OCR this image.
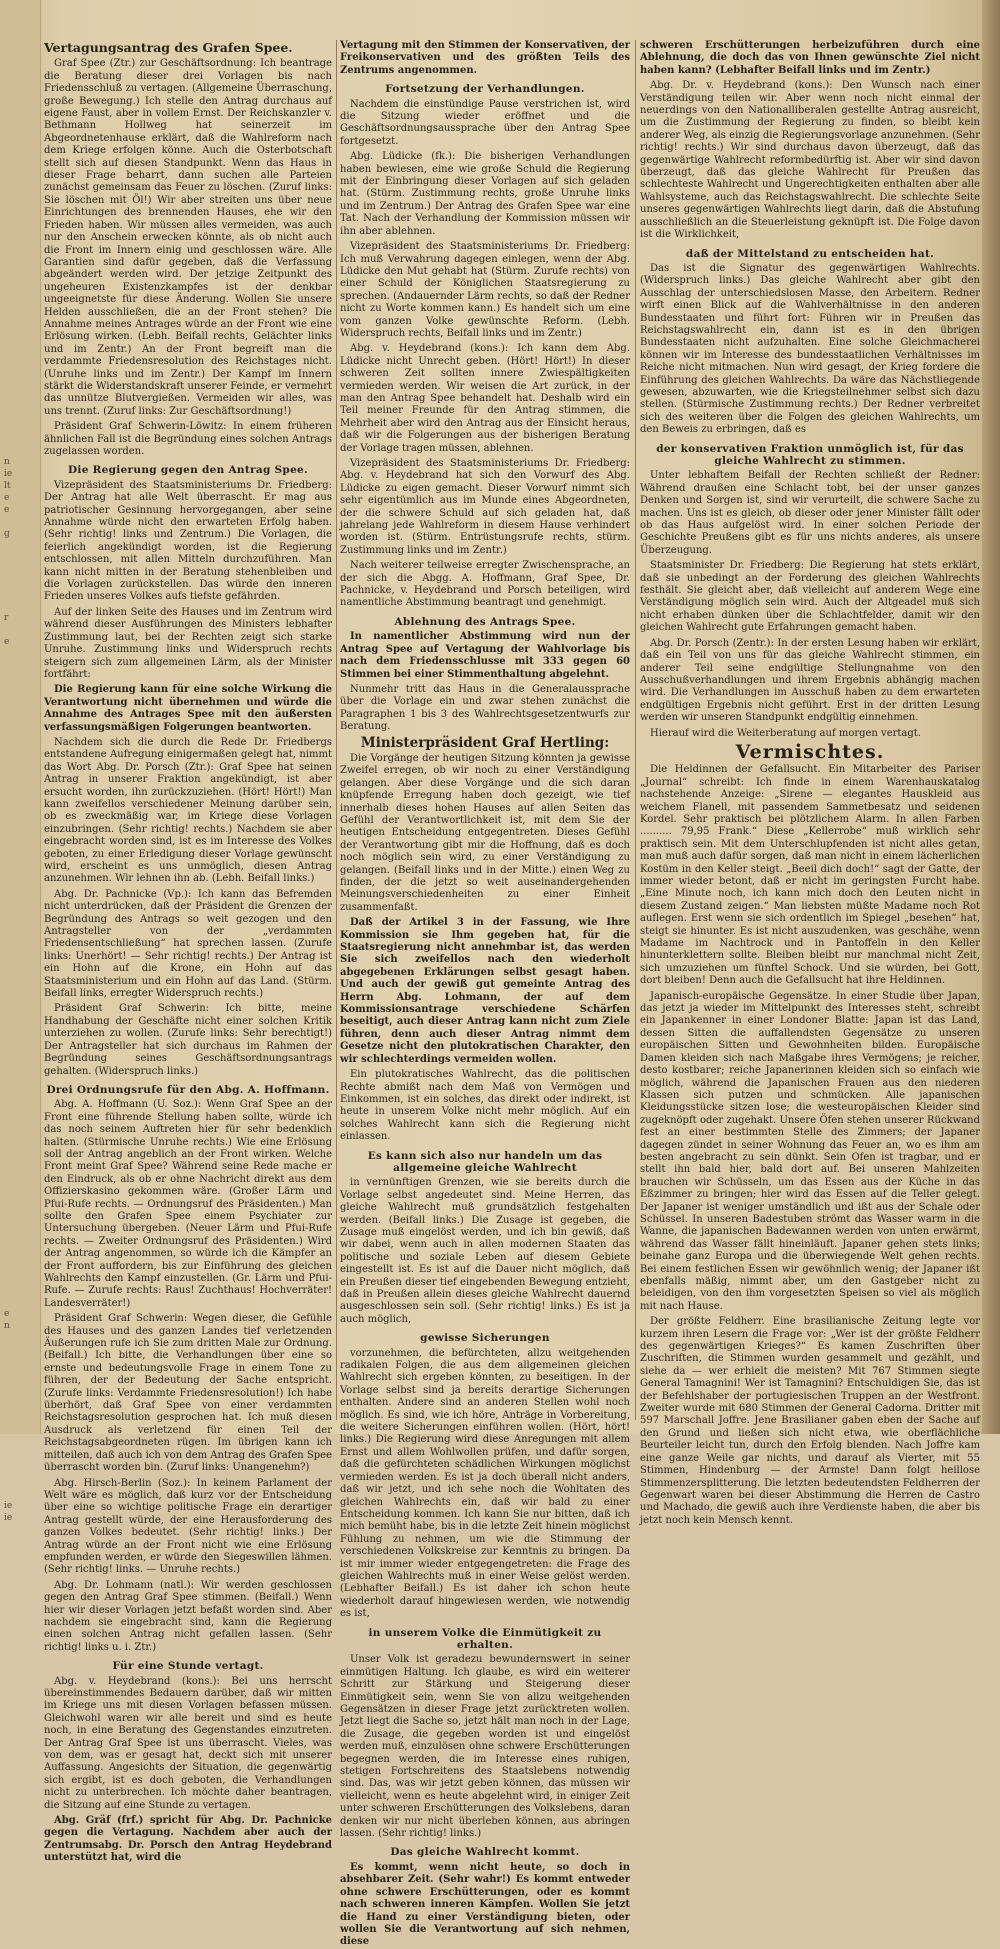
n
ie
lt
e
e

g

r

e

e
n

ie
ie

Vertagungsantrag des Grafen Spee.

Graf Spee (Ztr.) zur Geschäftsordnung: Ich beantrage die Beratung dieser drei Vorlagen bis nach Friedensschluß zu vertagen. (Allgemeine Überraschung, große Bewegung.) Ich stelle den Antrag durchaus auf eigene Faust, aber in vollem Ernst. Der Reichskanzler v. Bethmann Hollweg hat seinerzeit im Abgeordnetenhause erklärt, daß die Wahlreform nach dem Kriege erfolgen könne. Auch die Osterbotschaft stellt sich auf diesen Standpunkt. Wenn das Haus in dieser Frage beharrt, dann suchen alle Parteien zunächst gemeinsam das Feuer zu löschen. (Zuruf links: Sie löschen mit Öl!) Wir aber streiten uns über neue Einrichtungen des brennenden Hauses, ehe wir den Frieden haben. Wir müssen alles vermeiden, was auch nur den Anschein erwecken könnte, als ob nicht auch die Front im Innern einig und geschlossen wäre. Alle Garantien sind dafür gegeben, daß die Verfassung abgeändert werden wird. Der jetzige Zeitpunkt des ungeheuren Existenzkampfes ist der denkbar ungeeignetste für diese Änderung. Wollen Sie unsere Helden ausschließen, die an der Front stehen? Die Annahme meines Antrages würde an der Front wie eine Erlösung wirken. (Lebh. Beifall rechts, Gelächter links und im Zentr.) An der Front begreift man die verdammte Friedensresolution des Reichstages nicht. (Unruhe links und im Zentr.) Der Kampf im Innern stärkt die Widerstandskraft unserer Feinde, er vermehrt das unnütze Blutvergießen. Vermeiden wir alles, was uns trennt. (Zuruf links: Zur Geschäftsordnung!)

Präsident Graf Schwerin-Löwitz: In einem früheren ähnlichen Fall ist die Begründung eines solchen Antrags zugelassen worden.

Die Regierung gegen den Antrag Spee.

Vizepräsident des Staatsministeriums Dr. Friedberg: Der Antrag hat alle Welt überrascht. Er mag aus patriotischer Gesinnung hervorgegangen, aber seine Annahme würde nicht den erwarteten Erfolg haben. (Sehr richtig! links und Zentrum.) Die Vorlagen, die feierlich angekündigt worden, ist die Regierung entschlossen, mit allen Mitteln durchzuführen. Man kann nicht mitten in der Beratung stehenbleiben und die Vorlagen zurückstellen. Das würde den inneren Frieden unseres Volkes aufs tiefste gefährden.

Auf der linken Seite des Hauses und im Zentrum wird während dieser Ausführungen des Ministers lebhafter Zustimmung laut, bei der Rechten zeigt sich starke Unruhe. Zustimmung links und Widerspruch rechts steigern sich zum allgemeinen Lärm, als der Minister fortfährt:

Die Regierung kann für eine solche Wirkung die Verantwortung nicht übernehmen und würde die Annahme des Antrages Spee mit den äußersten verfassungsmäßigen Folgerungen beantworten.

Nachdem sich die durch die Rede Dr. Friedbergs entstandene Aufregung einigermaßen gelegt hat, nimmt das Wort Abg. Dr. Porsch (Ztr.): Graf Spee hat seinen Antrag in unserer Fraktion angekündigt, ist aber ersucht worden, ihn zurückzuziehen. (Hört! Hört!) Man kann zweifellos verschiedener Meinung darüber sein, ob es zweckmäßig war, im Kriege diese Vorlagen einzubringen. (Sehr richtig! rechts.) Nachdem sie aber eingebracht worden sind, ist es im Interesse des Volkes geboten, zu einer Erledigung dieser Vorlage gewünscht wird, erscheint es uns unmöglich, diesen Antrag anzunehmen. Wir lehnen ihn ab. (Lebh. Beifall links.)

Abg. Dr. Pachnicke (Vp.): Ich kann das Befremden nicht unterdrücken, daß der Präsident die Grenzen der Begründung des Antrags so weit gezogen und den Antragsteller von der „verdammten Friedensentschließung“ hat sprechen lassen. (Zurufe links: Unerhört! — Sehr richtig! rechts.) Der Antrag ist ein Hohn auf die Krone, ein Hohn auf das Staatsministerium und ein Hohn auf das Land. (Stürm. Beifall links, erregter Widerspruch rechts.)

Präsident Graf Schwerin: Ich bitte, meine Handhabung der Geschäfte nicht einer solchen Kritik unterziehen zu wollen. (Zurufe links: Sehr berechtigt!) Der Antragsteller hat sich durchaus im Rahmen der Begründung seines Geschäftsordnungsantrags gehalten. (Widerspruch links.)

Drei Ordnungsrufe für den Abg. A. Hoffmann.

Abg. A. Hoffmann (U. Soz.): Wenn Graf Spee an der Front eine führende Stellung haben sollte, würde ich das noch seinem Auftreten hier für sehr bedenklich halten. (Stürmische Unruhe rechts.) Wie eine Erlösung soll der Antrag angeblich an der Front wirken. Welche Front meint Graf Spee? Während seine Rede mache er den Eindruck, als ob er ohne Nachricht direkt aus dem Offizierskasino gekommen wäre. (Großer Lärm und Pfui-Rufe rechts. — Ordnungsruf des Präsidenten.) Man sollte den Grafen Spee einem Psychiater zur Untersuchung übergeben. (Neuer Lärm und Pfui-Rufe rechts. — Zweiter Ordnungsruf des Präsidenten.) Wird der Antrag angenommen, so würde ich die Kämpfer an der Front auffordern, bis zur Einführung des gleichen Wahlrechts den Kampf einzustellen. (Gr. Lärm und Pfui-Rufe. — Zurufe rechts: Raus! Zuchthaus! Hochverräter! Landesverräter!)

Präsident Graf Schwerin: Wegen dieser, die Gefühle des Hauses und des ganzen Landes tief verletzenden Äußerungen rufe ich Sie zum dritten Male zur Ordnung. (Beifall.) Ich bitte, die Verhandlungen über eine so ernste und bedeutungsvolle Frage in einem Tone zu führen, der der Bedeutung der Sache entspricht. (Zurufe links: Verdammte Friedensresolution!) Ich habe überhört, daß Graf Spee von einer verdammten Reichstagsresolution gesprochen hat. Ich muß diesen Ausdruck als verletzend für einen Teil der Reichstagsabgeordneten rügen. Im übrigen kann ich mitteilen, daß auch ich von dem Antrag des Grafen Spee überrascht worden bin. (Zuruf links: Unangenehm?)

Abg. Hirsch-Berlin (Soz.): In keinem Parlament der Welt wäre es möglich, daß kurz vor der Entscheidung über eine so wichtige politische Frage ein derartiger Antrag gestellt würde, der eine Herausforderung des ganzen Volkes bedeutet. (Sehr richtig! links.) Der Antrag würde an der Front nicht wie eine Erlösung empfunden werden, er würde den Siegeswillen lähmen. (Sehr richtig! links. — Unruhe rechts.)

Abg. Dr. Lohmann (natl.): Wir werden geschlossen gegen den Antrag Graf Spee stimmen. (Beifall.) Wenn hier wir dieser Vorlagen jetzt befaßt worden sind. Aber nachdem sie eingebracht sind, kann die Regierung einen solchen Antrag nicht gefallen lassen. (Sehr richtig! links u. i. Ztr.)

Für eine Stunde vertagt.

Abg. v. Heydebrand (kons.): Bei uns herrscht übereinstimmendes Bedauern darüber, daß wir mitten im Kriege uns mit diesen Vorlagen befassen müssen. Gleichwohl waren wir alle bereit und sind es heute noch, in eine Beratung des Gegenstandes einzutreten. Der Antrag Graf Spee ist uns überrascht. Vieles, was von dem, was er gesagt hat, deckt sich mit unserer Auffassung. Angesichts der Situation, die gegenwärtig sich ergibt, ist es doch geboten, die Verhandlungen nicht zu unterbrechen. Ich möchte daher beantragen, die Sitzung auf eine Stunde zu vertagen.

Abg. Gräf (frf.) spricht für Abg. Dr. Pachnicke gegen die Vertagung. Nachdem aber auch der Zentrumsabg. Dr. Porsch den Antrag Heydebrand unterstützt hat, wird die

Vertagung mit den Stimmen der Konservativen, der Freikonservativen und des größten Teils des Zentrums angenommen.

Fortsetzung der Verhandlungen.

Nachdem die einstündige Pause verstrichen ist, wird die Sitzung wieder eröffnet und die Geschäftsordnungsaussprache über den Antrag Spee fortgesetzt.

Abg. Lüdicke (fk.): Die bisherigen Verhandlungen haben bewiesen, eine wie große Schuld die Regierung mit der Einbringung dieser Vorlagen auf sich geladen hat. (Stürm. Zustimmung rechts, große Unruhe links und im Zentrum.) Der Antrag des Grafen Spee war eine Tat. Nach der Verhandlung der Kommission müssen wir ihn aber ablehnen.

Vizepräsident des Staatsministeriums Dr. Friedberg: Ich muß Verwahrung dagegen einlegen, wenn der Abg. Lüdicke den Mut gehabt hat (Stürm. Zurufe rechts) von einer Schuld der Königlichen Staatsregierung zu sprechen. (Andauernder Lärm rechts, so daß der Redner nicht zu Worte kommen kann.) Es handelt sich um eine vom ganzen Volke gewünschte Reform. (Lebh. Widerspruch rechts, Beifall links und im Zentr.)

Abg. v. Heydebrand (kons.): Ich kann dem Abg. Lüdicke nicht Unrecht geben. (Hört! Hört!) In dieser schweren Zeit sollten innere Zwiespältigkeiten vermieden werden. Wir weisen die Art zurück, in der man den Antrag Spee behandelt hat. Deshalb wird ein Teil meiner Freunde für den Antrag stimmen, die Mehrheit aber wird den Antrag aus der Einsicht heraus, daß wir die Folgerungen aus der bisherigen Beratung der Vorlage tragen müssen, ablehnen.

Vizepräsident des Staatsministeriums Dr. Friedberg: Abg. v. Heydebrand hat sich den Vorwurf des Abg. Lüdicke zu eigen gemacht. Dieser Vorwurf nimmt sich sehr eigentümlich aus im Munde eines Abgeordneten, der die schwere Schuld auf sich geladen hat, daß jahrelang jede Wahlreform in diesem Hause verhindert worden ist. (Stürm. Entrüstungsrufe rechts, stürm. Zustimmung links und im Zentr.)

Nach weiterer teilweise erregter Zwischensprache, an der sich die Abgg. A. Hoffmann, Graf Spee, Dr. Pachnicke, v. Heydebrand und Porsch beteiligen, wird namentliche Abstimmung beantragt und genehmigt.

Ablehnung des Antrags Spee.

In namentlicher Abstimmung wird nun der Antrag Spee auf Vertagung der Wahlvorlage bis nach dem Friedensschlusse mit 333 gegen 60 Stimmen bei einer Stimmenthaltung abgelehnt.

Nunmehr tritt das Haus in die Generalaussprache über die Vorlage ein und zwar stehen zunächst die Paragraphen 1 bis 3 des Wahlrechtsgesetzentwurfs zur Beratung.

Ministerpräsident Graf Hertling:

Die Vorgänge der heutigen Sitzung könnten ja gewisse Zweifel erregen, ob wir noch zu einer Verständigung gelangen. Aber diese Vorgänge und die sich daran knüpfende Erregung haben doch gezeigt, wie tief innerhalb dieses hohen Hauses auf allen Seiten das Gefühl der Verantwortlichkeit ist, mit dem Sie der heutigen Entscheidung entgegentreten. Dieses Gefühl der Verantwortung gibt mir die Hoffnung, daß es doch noch möglich sein wird, zu einer Verständigung zu gelangen. (Beifall links und in der Mitte.) einen Weg zu finden, der die jetzt so weit auseinandergehenden Meinungsverschiedenheiten zu einer Einheit zusammenfaßt.

Daß der Artikel 3 in der Fassung, wie Ihre Kommission sie Ihm gegeben hat, für die Staatsregierung nicht annehmbar ist, das werden Sie sich zweifellos nach den wiederholt abgegebenen Erklärungen selbst gesagt haben. Und auch der gewiß gut gemeinte Antrag des Herrn Abg. Lohmann, der auf dem Kommissionsantrage verschiedene Schärfen beseitigt, auch dieser Antrag kann nicht zum Ziele führen, denn auch dieser Antrag nimmt dem Gesetze nicht den plutokratischen Charakter, den wir schlechterdings vermeiden wollen.

Ein plutokratisches Wahlrecht, das die politischen Rechte abmißt nach dem Maß von Vermögen und Einkommen, ist ein solches, das direkt oder indirekt, ist heute in unserem Volke nicht mehr möglich. Auf ein solches Wahlrecht kann sich die Regierung nicht einlassen.

Es kann sich also nur handeln um das allgemeine gleiche Wahlrecht

in vernünftigen Grenzen, wie sie bereits durch die Vorlage selbst angedeutet sind. Meine Herren, das gleiche Wahlrecht muß grundsätzlich festgehalten werden. (Beifall links.) Die Zusage ist gegeben, die Zusage muß eingelöst werden, und ich bin gewiß, daß wir dabei, wenn auch in allen modernen Staaten das politische und soziale Leben auf diesem Gebiete eingestellt ist. Es ist auf die Dauer nicht möglich, daß ein Preußen dieser tief eingebenden Bewegung entzieht, daß in Preußen allein dieses gleiche Wahlrecht dauernd ausgeschlossen sein soll. (Sehr richtig! links.) Es ist ja auch möglich,

gewisse Sicherungen

vorzunehmen, die befürchteten, allzu weitgehenden radikalen Folgen, die aus dem allgemeinen gleichen Wahlrecht sich ergeben könnten, zu beseitigen. In der Vorlage selbst sind ja bereits derartige Sicherungen enthalten. Andere sind an anderen Stellen wohl noch möglich. Es sind, wie ich höre, Anträge in Vorbereitung, die weitere Sicherungen einführen wollen. (Hört, hört! links.) Die Regierung wird diese Anregungen mit allem Ernst und allem Wohlwollen prüfen, und dafür sorgen, daß die gefürchteten schädlichen Wirkungen möglichst vermieden werden. Es ist ja doch überall nicht anders, daß wir jetzt, und ich sehe noch die Wohltaten des gleichen Wahlrechts ein, daß wir bald zu einer Entscheidung kommen. Ich kann Sie nur bitten, daß ich mich bemüht habe, bis in die letzte Zeit hinein möglichst Fühlung zu nehmen, um wie die Stimmung der verschiedenen Volkskreise zur Kenntnis zu bringen. Da ist mir immer wieder entgegengetreten: die Frage des gleichen Wahlrechts muß in einer Weise gelöst werden. (Lebhafter Beifall.) Es ist daher ich schon heute wiederholt darauf hingewiesen werden, wie notwendig es ist,

in unserem Volke die Einmütigkeit zu erhalten.

Unser Volk ist geradezu bewundernswert in seiner einmütigen Haltung. Ich glaube, es wird ein weiterer Schritt zur Stärkung und Steigerung dieser Einmütigkeit sein, wenn Sie von allzu weitgehenden Gegensätzen in dieser Frage jetzt zurücktreten wollen. Jetzt liegt die Sache so, jetzt hält man noch in der Lage, die Zusage, die gegeben worden ist und eingelöst werden muß, einzulösen ohne schwere Erschütterungen begegnen werden, die im Interesse eines ruhigen, stetigen Fortschreitens des Staatslebens notwendig sind. Das, was wir jetzt geben können, das müssen wir vielleicht, wenn es heute abgelehnt wird, in einiger Zeit unter schweren Erschütterungen des Volkslebens, daran denken wir nur nicht überleben können, aus abringen lassen. (Sehr richtig! links.)

Das gleiche Wahlrecht kommt.

Es kommt, wenn nicht heute, so doch in absehbarer Zeit. (Sehr wahr!) Es kommt entweder ohne schwere Erschütterungen, oder es kommt nach schweren inneren Kämpfen. Wollen Sie jetzt die Hand zu einer Verständigung bieten, oder wollen Sie die Verantwortung auf sich nehmen, diese

schweren Erschütterungen herbeizuführen durch eine Ablehnung, die doch das von Ihnen gewünschte Ziel nicht haben kann? (Lebhafter Beifall links und im Zentr.)

Abg. Dr. v. Heydebrand (kons.): Den Wunsch nach einer Verständigung teilen wir. Aber wenn noch nicht einmal der neuerdings von den Nationalliberalen gestellte Antrag ausreicht, um die Zustimmung der Regierung zu finden, so bleibt kein anderer Weg, als einzig die Regierungsvorlage anzunehmen. (Sehr richtig! rechts.) Wir sind durchaus davon überzeugt, daß das gegenwärtige Wahlrecht reformbedürftig ist. Aber wir sind davon überzeugt, daß das gleiche Wahlrecht für Preußen das schlechteste Wahlrecht und Ungerechtigkeiten enthalten aber alle Wahlsysteme, auch das Reichstagswahlrecht. Die schlechte Seite unseres gegenwärtigen Wahlrechts liegt darin, daß die Abstufung ausschließlich an die Steuerleistung geknüpft ist. Die Folge davon ist die Wirklichkeit,

daß der Mittelstand zu entscheiden hat.

Das ist die Signatur des gegenwärtigen Wahlrechts. (Widerspruch links.) Das gleiche Wahlrecht aber gibt den Ausschlag der unterschiedslosen Masse, den Arbeitern. Redner wirft einen Blick auf die Wahlverhältnisse in den anderen Bundesstaaten und führt fort: Führen wir in Preußen das Reichstagswahlrecht ein, dann ist es in den übrigen Bundesstaaten nicht aufzuhalten. Eine solche Gleichmacherei können wir im Interesse des bundesstaatlichen Verhältnisses im Reiche nicht mitmachen. Nun wird gesagt, der Krieg fordere die Einführung des gleichen Wahlrechts. Da wäre das Nächstliegende gewesen, abzuwarten, wie die Kriegsteilnehmer selbst sich dazu stellen. (Stürmische Zustimmung rechts.) Der Redner verbreitet sich des weiteren über die Folgen des gleichen Wahlrechts, um den Beweis zu erbringen, daß es

der konservativen Fraktion unmöglich ist, für das gleiche Wahlrecht zu stimmen.

Unter lebhaftem Beifall der Rechten schließt der Redner: Während draußen eine Schlacht tobt, bei der unser ganzes Denken und Sorgen ist, sind wir verurteilt, die schwere Sache zu machen. Uns ist es gleich, ob dieser oder jener Minister fällt oder ob das Haus aufgelöst wird. In einer solchen Periode der Geschichte Preußens gibt es für uns nichts anderes, als unsere Überzeugung.

Staatsminister Dr. Friedberg: Die Regierung hat stets erklärt, daß sie unbedingt an der Forderung des gleichen Wahlrechts festhält. Sie gleicht aber, daß vielleicht auf anderem Wege eine Verständigung möglich sein wird. Auch der Altgeadel muß sich nicht erhaben dünken über die Schlachtfelder, damit wir den gleichen Wahlrecht gute Erfahrungen gemacht haben.

Abg. Dr. Porsch (Zentr.): In der ersten Lesung haben wir erklärt, daß ein Teil von uns für das gleiche Wahlrecht stimmen, ein anderer Teil seine endgültige Stellungnahme von den Ausschußverhandlungen und ihrem Ergebnis abhängig machen wird. Die Verhandlungen im Ausschuß haben zu dem erwarteten endgültigen Ergebnis nicht geführt. Erst in der dritten Lesung werden wir unseren Standpunkt endgültig einnehmen.

Hierauf wird die Weiterberatung auf morgen vertagt.

Vermischtes.

Die Heldinnen der Gefallsucht. Ein Mitarbeiter des Pariser „Journal“ schreibt: Ich finde in einem Warenhauskatalog nachstehende Anzeige: „Sirene — elegantes Hauskleid aus weichem Flanell, mit passendem Sammetbesatz und seidenen Kordel. Sehr praktisch bei plötzlichem Alarm. In allen Farben .......... 79,95 Frank.“ Diese „Kellerrobe“ muß wirklich sehr praktisch sein. Mit dem Unterschlupfenden ist nicht alles getan, man muß auch dafür sorgen, daß man nicht in einem lächerlichen Kostüm in den Keller steigt. „Beeil dich doch!“ sagt der Gatte, der immer wieder betont, daß er nicht im geringsten Furcht habe. „Eine Minute noch, ich kann mich doch den Leuten nicht in diesem Zustand zeigen.“ Man liebsten müßte Madame noch Rot auflegen. Erst wenn sie sich ordentlich im Spiegel „besehen“ hat, steigt sie hinunter. Es ist nicht auszudenken, was geschähe, wenn Madame im Nachtrock und in Pantoffeln in den Keller hinunterklettern sollte. Bleiben bleibt nur manchmal nicht Zeit, sich umzuziehen um fünftel Schock. Und sie würden, bei Gott, dort bleiben! Denn auch die Gefallsucht hat ihre Heldinnen.

Japanisch-europäische Gegensätze. In einer Studie über Japan, das jetzt ja wieder im Mittelpunkt des Interesses steht, schreibt ein Japankenner in einer Londoner Blatte: Japan ist das Land, dessen Sitten die auffallendsten Gegensätze zu unseren europäischen Sitten und Gewohnheiten bilden. Europäische Damen kleiden sich nach Maßgabe ihres Vermögens; je reicher, desto kostbarer; reiche Japanerinnen kleiden sich so einfach wie möglich, während die Japanischen Frauen aus den niederen Klassen sich putzen und schmücken. Alle japanischen Kleidungsstücke sitzen lose; die westeuropäischen Kleider sind zugeknöpft oder zugehakt. Unsere Öfen stehen unserer Rückwand fest an einer bestimmten Stelle des Zimmers; der Japaner dagegen zündet in seiner Wohnung das Feuer an, wo es ihm am besten angebracht zu sein dünkt. Sein Ofen ist tragbar, und er stellt ihn bald hier, bald dort auf. Bei unseren Mahlzeiten brauchen wir Schüsseln, um das Essen aus der Küche in das Eßzimmer zu bringen; hier wird das Essen auf die Teller gelegt. Der Japaner ist weniger umständlich und ißt aus der Schale oder Schüssel. In unseren Badestuben strömt das Wasser warm in die Wanne, die japanischen Badewannen werden von unten erwärmt, während das Wasser fällt hineinläuft. Japaner gehen stets links; beinahe ganz Europa und die überwiegende Welt gehen rechts. Bei einem festlichen Essen wir gewöhnlich wenig; der Japaner ißt ebenfalls mäßig, nimmt aber, um den Gastgeber nicht zu beleidigen, von den ihm vorgesetzten Speisen so viel als möglich mit nach Hause.

Der größte Feldherr. Eine brasilianische Zeitung legte vor kurzem ihren Lesern die Frage vor: „Wer ist der größte Feldherr des gegenwärtigen Krieges?“ Es kamen Zuschriften über Zuschriften, die Stimmen wurden gesammelt und gezählt, und siehe da — wer erhielt die meisten? Mit 767 Stimmen siegte General Tamagnini! Wer ist Tamagnini? Entschuldigen Sie, das ist der Befehlshaber der portugiesischen Truppen an der Westfront. Zweiter wurde mit 680 Stimmen der General Cadorna. Dritter mit 597 Marschall Joffre. Jene Brasilianer gaben eben der Sache auf den Grund und ließen sich nicht etwa, wie oberflächliche Beurteiler leicht tun, durch den Erfolg blenden. Nach Joffre kam eine ganze Weile gar nichts, und darauf als Vierter, mit 55 Stimmen, Hindenburg — der Armste! Dann folgt heillose Stimmenzersplitterung. Die letzten bedeutendsten Feldherren der Gegenwart waren bei dieser Abstimmung die Herren de Castro und Machado, die gewiß auch ihre Verdienste haben, die aber bis jetzt noch kein Mensch kennt.
